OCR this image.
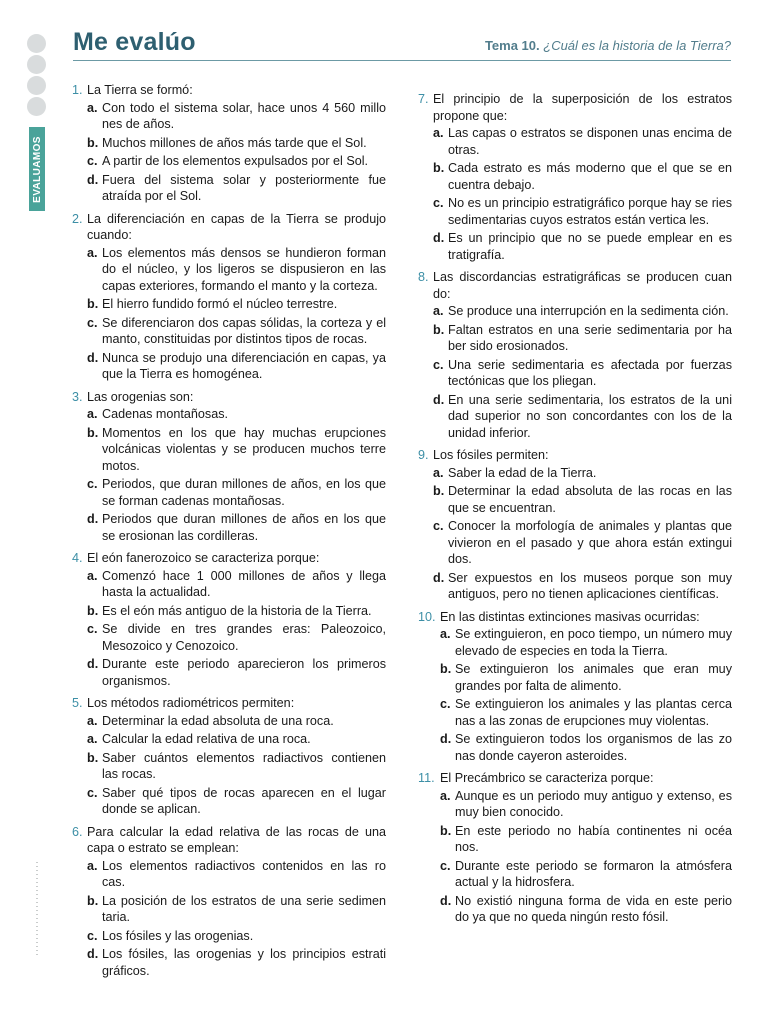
EVALUAMOS
Me evalúo	Tema 10. ¿Cuál es la historia de la Tierra?
1. La Tierra se formó:
a. Con todo el sistema solar, hace unos 4 560 millo nes de años.
b. Muchos millones de años más tarde que el Sol.
c. A partir de los elementos expulsados por el Sol.
d. Fuera del sistema solar y posteriormente fue atraída por el Sol.
2. La diferenciación en capas de la Tierra se produjo cuando:
a. Los elementos más densos se hundieron forman do el núcleo, y los ligeros se dispusieron en las capas exteriores, formando el manto y la corteza.
b. El hierro fundido formó el núcleo terrestre.
c. Se diferenciaron dos capas sólidas, la corteza y el manto, constituidas por distintos tipos de rocas.
d. Nunca se produjo una diferenciación en capas, ya que la Tierra es homogénea.
3. Las orogenias son:
a. Cadenas montañosas.
b. Momentos en los que hay muchas erupciones volcánicas violentas y se producen muchos terre motos.
c. Periodos, que duran millones de años, en los que se forman cadenas montañosas.
d. Periodos que duran millones de años en los que se erosionan las cordilleras.
4. El eón fanerozoico se caracteriza porque:
a. Comenzó hace 1 000 millones de años y llega hasta la actualidad.
b. Es el eón más antiguo de la historia de la Tierra.
c. Se divide en tres grandes eras: Paleozoico, Mesozoico y Cenozoico.
d. Durante este periodo aparecieron los primeros organismos.
5. Los métodos radiométricos permiten:
a. Determinar la edad absoluta de una roca.
a. Calcular la edad relativa de una roca.
b. Saber cuántos elementos radiactivos contienen las rocas.
c. Saber qué tipos de rocas aparecen en el lugar donde se aplican.
6. Para calcular la edad relativa de las rocas de una capa o estrato se emplean:
a. Los elementos radiactivos contenidos en las ro cas.
b. La posición de los estratos de una serie sedimen taria.
c. Los fósiles y las orogenias.
d. Los fósiles, las orogenias y los principios estrati gráficos.
7. El principio de la superposición de los estratos propone que:
a. Las capas o estratos se disponen unas encima de otras.
b. Cada estrato es más moderno que el que se en cuentra debajo.
c. No es un principio estratigráfico porque hay se ries sedimentarias cuyos estratos están vertica les.
d. Es un principio que no se puede emplear en es tratigrafía.
8. Las discordancias estratigráficas se producen cuan do:
a. Se produce una interrupción en la sedimenta ción.
b. Faltan estratos en una serie sedimentaria por ha ber sido erosionados.
c. Una serie sedimentaria es afectada por fuerzas tectónicas que los pliegan.
d. En una serie sedimentaria, los estratos de la uni dad superior no son concordantes con los de la unidad inferior.
9. Los fósiles permiten:
a. Saber la edad de la Tierra.
b. Determinar la edad absoluta de las rocas en las que se encuentran.
c. Conocer la morfología de animales y plantas que vivieron en el pasado y que ahora están extingui dos.
d. Ser expuestos en los museos porque son muy antiguos, pero no tienen aplicaciones científicas.
10. En las distintas extinciones masivas ocurridas:
a. Se extinguieron, en poco tiempo, un número muy elevado de especies en toda la Tierra.
b. Se extinguieron los animales que eran muy grandes por falta de alimento.
c. Se extinguieron los animales y las plantas cerca nas a las zonas de erupciones muy violentas.
d. Se extinguieron todos los organismos de las zo nas donde cayeron asteroides.
11. El Precámbrico se caracteriza porque:
a. Aunque es un periodo muy antiguo y extenso, es muy bien conocido.
b. En este periodo no había continentes ni océa nos.
c. Durante este periodo se formaron la atmósfera actual y la hidrosfera.
d. No existió ninguna forma de vida en este perio do ya que no queda ningún resto fósil.
